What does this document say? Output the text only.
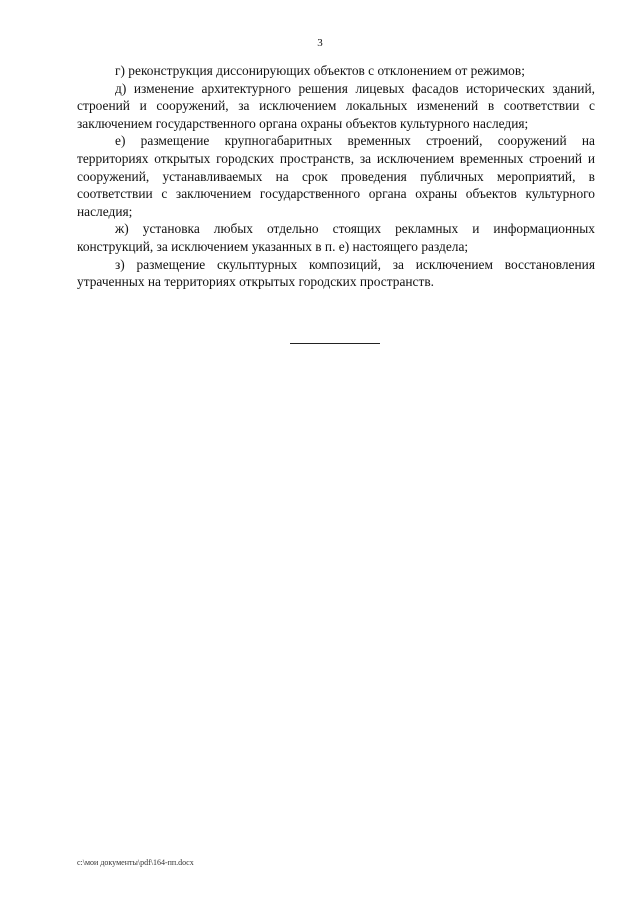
3

г) реконструкция диссонирующих объектов с отклонением от режимов;

д) изменение архитектурного решения лицевых фасадов исторических зданий, строений и сооружений, за исключением локальных изменений в соответствии с заключением государственного органа охраны объектов культурного наследия;

е) размещение крупногабаритных временных строений, сооружений на территориях открытых городских пространств, за исключением временных строений и сооружений, устанавливаемых на срок проведения публичных мероприятий, в соответствии с заключением государственного органа охраны объектов культурного наследия;

ж) установка любых отдельно стоящих рекламных и информационных конструкций, за исключением указанных в п. е) настоящего раздела;

з) размещение скульптурных композиций, за исключением восстановления утраченных на территориях открытых городских пространств.

c:\мои документы\pdf\164-пп.docx
